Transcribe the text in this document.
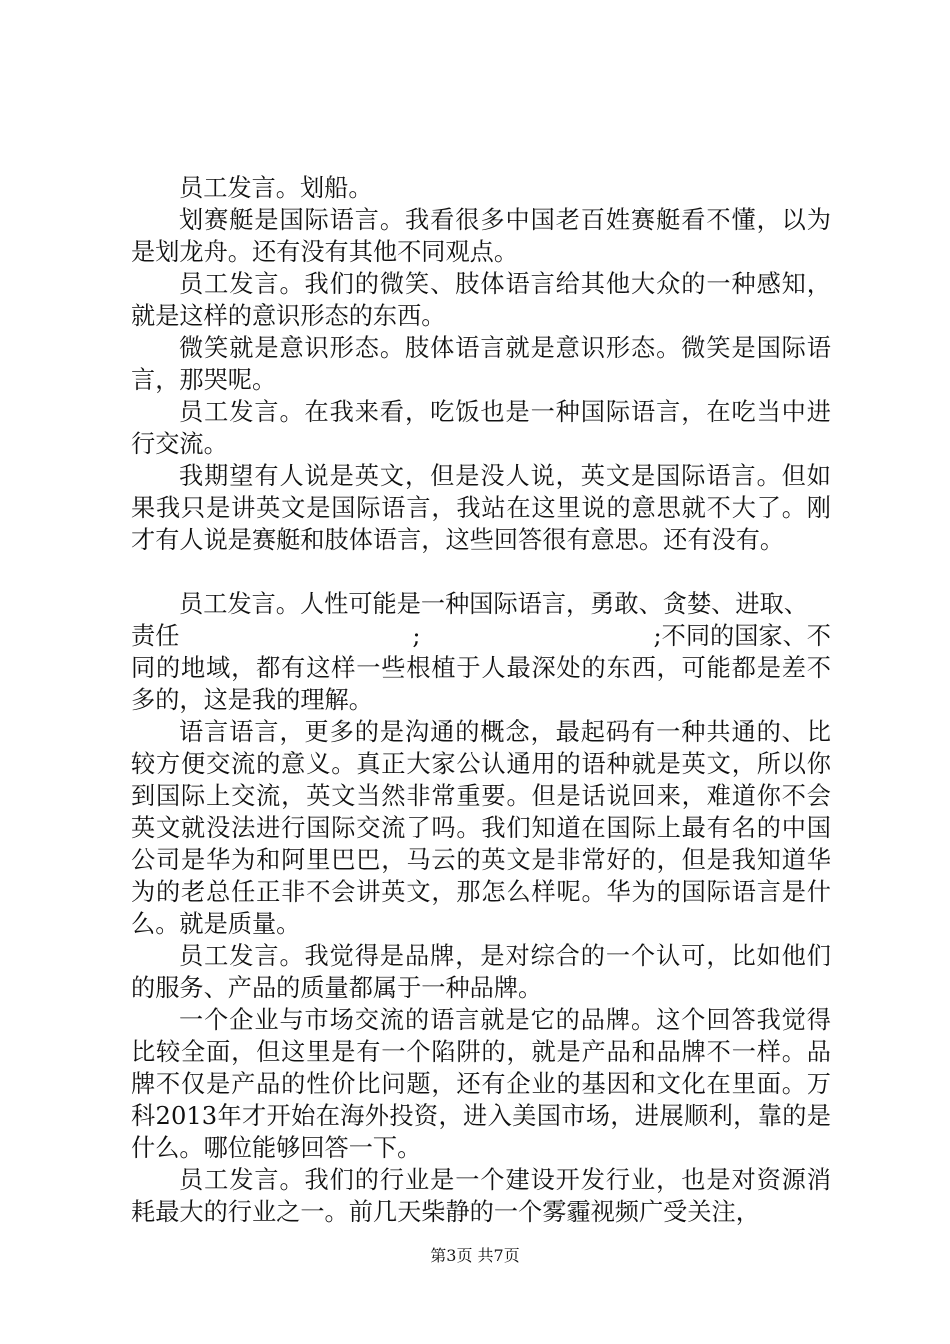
员工发言。划船。

划赛艇是国际语言。我看很多中国老百姓赛艇看不懂，以为是划龙舟。还有没有其他不同观点。

员工发言。我们的微笑、肢体语言给其他大众的一种感知，就是这样的意识形态的东西。

微笑就是意识形态。肢体语言就是意识形态。微笑是国际语言，那哭呢。

员工发言。在我来看，吃饭也是一种国际语言，在吃当中进行交流。

我期望有人说是英文，但是没人说，英文是国际语言。但如果我只是讲英文是国际语言，我站在这里说的意思就不大了。刚才有人说是赛艇和肢体语言，这些回答很有意思。还有没有。

员工发言。人性可能是一种国际语言，勇敢、贪婪、进取、

责任	;	;不同的国家、不

同的地域，都有这样一些根植于人最深处的东西，可能都是差不多的，这是我的理解。

语言语言，更多的是沟通的概念，最起码有一种共通的、比较方便交流的意义。真正大家公认通用的语种就是英文，所以你到国际上交流，英文当然非常重要。但是话说回来，难道你不会英文就没法进行国际交流了吗。我们知道在国际上最有名的中国公司是华为和阿里巴巴，马云的英文是非常好的，但是我知道华为的老总任正非不会讲英文，那怎么样呢。华为的国际语言是什么。就是质量。

员工发言。我觉得是品牌，是对综合的一个认可，比如他们的服务、产品的质量都属于一种品牌。

一个企业与市场交流的语言就是它的品牌。这个回答我觉得比较全面，但这里是有一个陷阱的，就是产品和品牌不一样。品牌不仅是产品的性价比问题，还有企业的基因和文化在里面。万科2013年才开始在海外投资，进入美国市场，进展顺利，靠的是什么。哪位能够回答一下。

员工发言。我们的行业是一个建设开发行业，也是对资源消耗最大的行业之一。前几天柴静的一个雾霾视频广受关注，

第3页 共7页
